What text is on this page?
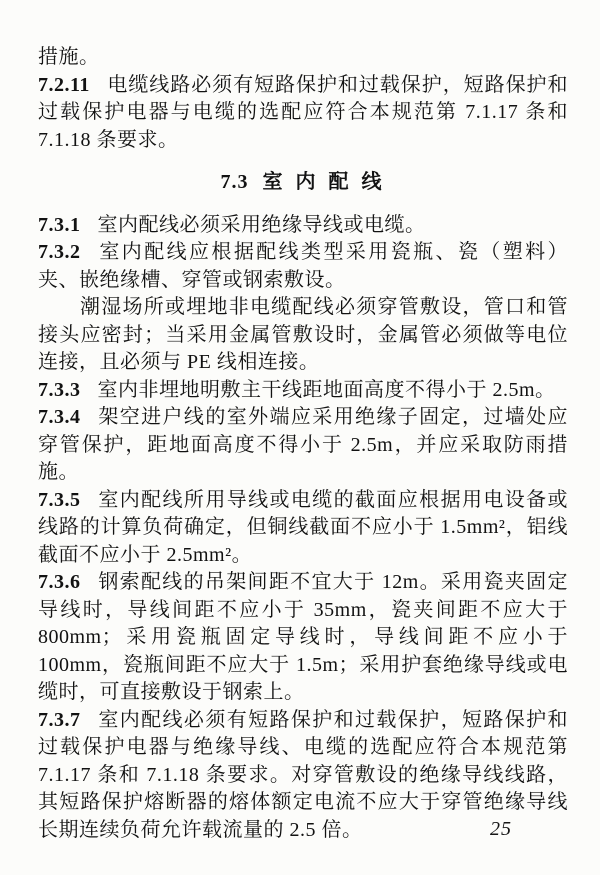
措施。

7.2.11 电缆线路必须有短路保护和过载保护，短路保护和过载保护电器与电缆的选配应符合本规范第 7.1.17 条和 7.1.18 条要求。

7.3 室 内 配 线

7.3.1 室内配线必须采用绝缘导线或电缆。

7.3.2 室内配线应根据配线类型采用瓷瓶、瓷（塑料）夹、嵌绝缘槽、穿管或钢索敷设。

潮湿场所或埋地非电缆配线必须穿管敷设，管口和管接头应密封；当采用金属管敷设时，金属管必须做等电位连接，且必须与 PE 线相连接。

7.3.3 室内非埋地明敷主干线距地面高度不得小于 2.5m。

7.3.4 架空进户线的室外端应采用绝缘子固定，过墙处应穿管保护，距地面高度不得小于 2.5m，并应采取防雨措施。

7.3.5 室内配线所用导线或电缆的截面应根据用电设备或线路的计算负荷确定，但铜线截面不应小于 1.5mm²，铝线截面不应小于 2.5mm²。

7.3.6 钢索配线的吊架间距不宜大于 12m。采用瓷夹固定导线时，导线间距不应小于 35mm，瓷夹间距不应大于 800mm；采用瓷瓶固定导线时，导线间距不应小于 100mm，瓷瓶间距不应大于 1.5m；采用护套绝缘导线或电缆时，可直接敷设于钢索上。

7.3.7 室内配线必须有短路保护和过载保护，短路保护和过载保护电器与绝缘导线、电缆的选配应符合本规范第 7.1.17 条和 7.1.18 条要求。对穿管敷设的绝缘导线线路，其短路保护熔断器的熔体额定电流不应大于穿管绝缘导线长期连续负荷允许载流量的 2.5 倍。	25
